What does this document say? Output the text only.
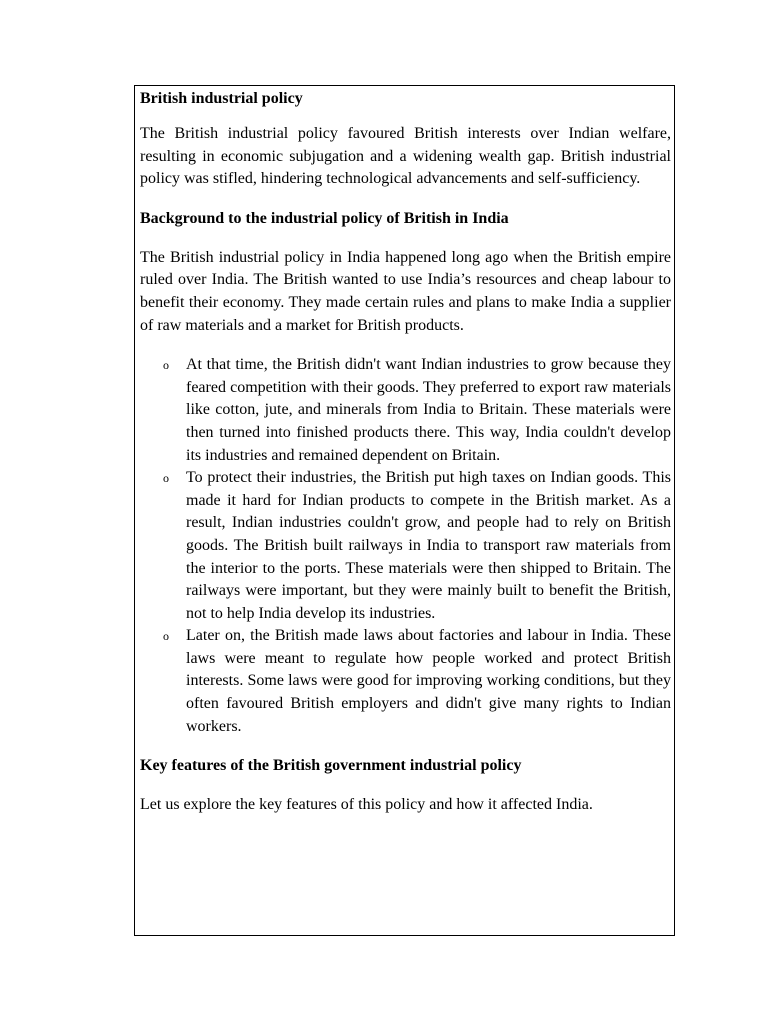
British industrial policy

The British industrial policy favoured British interests over Indian welfare, resulting in economic subjugation and a widening wealth gap. British industrial policy was stifled, hindering technological advancements and self-sufficiency.

Background to the industrial policy of British in India

The British industrial policy in India happened long ago when the British empire ruled over India. The British wanted to use India’s resources and cheap labour to benefit their economy. They made certain rules and plans to make India a supplier of raw materials and a market for British products.

o At that time, the British didn't want Indian industries to grow because they feared competition with their goods. They preferred to export raw materials like cotton, jute, and minerals from India to Britain. These materials were then turned into finished products there. This way, India couldn't develop its industries and remained dependent on Britain.
o To protect their industries, the British put high taxes on Indian goods. This made it hard for Indian products to compete in the British market. As a result, Indian industries couldn't grow, and people had to rely on British goods. The British built railways in India to transport raw materials from the interior to the ports. These materials were then shipped to Britain. The railways were important, but they were mainly built to benefit the British, not to help India develop its industries.
o Later on, the British made laws about factories and labour in India. These laws were meant to regulate how people worked and protect British interests. Some laws were good for improving working conditions, but they often favoured British employers and didn't give many rights to Indian workers.

Key features of the British government industrial policy

Let us explore the key features of this policy and how it affected India.
